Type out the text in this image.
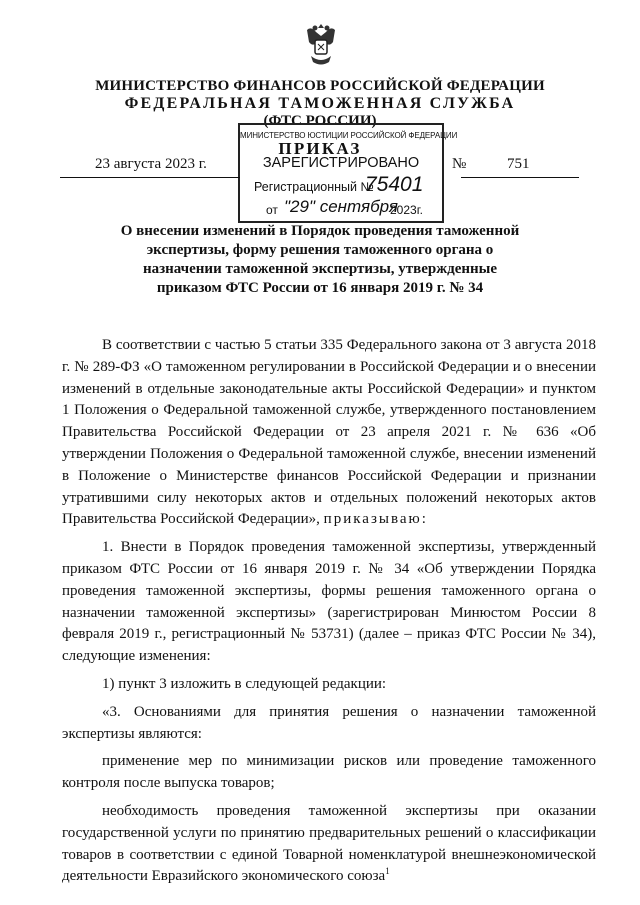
МИНИСТЕРСТВО ФИНАНСОВ РОССИЙСКОЙ ФЕДЕРАЦИИ
ФЕДЕРАЛЬНАЯ ТАМОЖЕННАЯ СЛУЖБА
(ФТС РОССИИ)
ПРИКАЗ
МИНИСТЕРСТВО ЮСТИЦИИ РОССИЙСКОЙ ФЕДЕРАЦИИ
ЗАРЕГИСТРИРОВАНО
Регистрационный №
75401
от "29" сентября
2023г.
23 августа 2023 г.	№	751
О внесении изменений в Порядок проведения таможенной экспертизы, форму решения таможенного органа о назначении таможенной экспертизы, утвержденные приказом ФТС России от 16 января 2019 г. № 34

В соответствии с частью 5 статьи 335 Федерального закона от 3 августа 2018 г. № 289-ФЗ «О таможенном регулировании в Российской Федерации и о внесении изменений в отдельные законодательные акты Российской Федерации» и пунктом 1 Положения о Федеральной таможенной службе, утвержденного постановлением Правительства Российской Федерации от 23 апреля 2021 г. № 636 «Об утверждении Положения о Федеральной таможенной службе, внесении изменений в Положение о Министерстве финансов Российской Федерации и признании утратившими силу некоторых актов и отдельных положений некоторых актов Правительства Российской Федерации», приказываю:

1. Внести в Порядок проведения таможенной экспертизы, утвержденный приказом ФТС России от 16 января 2019 г. № 34 «Об утверждении Порядка проведения таможенной экспертизы, формы решения таможенного органа о назначении таможенной экспертизы» (зарегистрирован Минюстом России 8 февраля 2019 г., регистрационный № 53731) (далее – приказ ФТС России № 34), следующие изменения:

1) пункт 3 изложить в следующей редакции:

«3. Основаниями для принятия решения о назначении таможенной экспертизы являются:

применение мер по минимизации рисков или проведение таможенного контроля после выпуска товаров;

необходимость проведения таможенной экспертизы при оказании государственной услуги по принятию предварительных решений о классификации товаров в соответствии с единой Товарной номенклатурой внешнеэкономической деятельности Евразийского экономического союза$^1$
